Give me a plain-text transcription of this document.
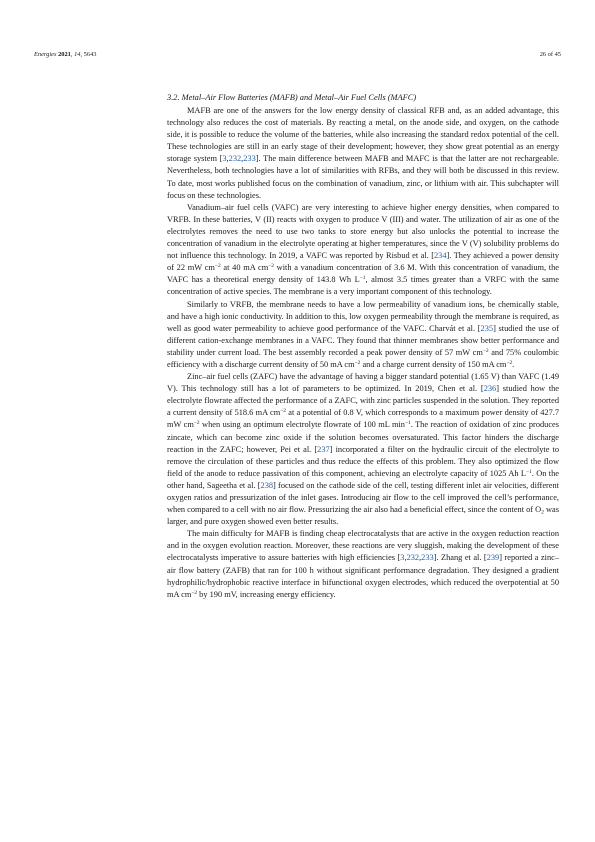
Energies 2021, 14, 5643	26 of 45
3.2. Metal–Air Flow Batteries (MAFB) and Metal–Air Fuel Cells (MAFC)

MAFB are one of the answers for the low energy density of classical RFB and, as an added advantage, this technology also reduces the cost of materials. By reacting a metal, on the anode side, and oxygen, on the cathode side, it is possible to reduce the volume of the batteries, while also increasing the standard redox potential of the cell. These technologies are still in an early stage of their development; however, they show great potential as an energy storage system [3,232,233]. The main difference between MAFB and MAFC is that the latter are not rechargeable. Nevertheless, both technologies have a lot of similarities with RFBs, and they will both be discussed in this review. To date, most works published focus on the combination of vanadium, zinc, or lithium with air. This subchapter will focus on these technologies.

Vanadium–air fuel cells (VAFC) are very interesting to achieve higher energy densities, when compared to VRFB. In these batteries, V (II) reacts with oxygen to produce V (III) and water. The utilization of air as one of the electrolytes removes the need to use two tanks to store energy but also unlocks the potential to increase the concentration of vanadium in the electrolyte operating at higher temperatures, since the V (V) solubility problems do not influence this technology. In 2019, a VAFC was reported by Risbud et al. [234]. They achieved a power density of 22 mW $cm^{-2}$ at 40 mA $cm^{-2}$ with a vanadium concentration of 3.6 M. With this concentration of vanadium, the VAFC has a theoretical energy density of 143.8 Wh $L^{-1}$, almost 3.5 times greater than a VRFC with the same concentration of active species. The membrane is a very important component of this technology.

Similarly to VRFB, the membrane needs to have a low permeability of vanadium ions, be chemically stable, and have a high ionic conductivity. In addition to this, low oxygen permeability through the membrane is required, as well as good water permeability to achieve good performance of the VAFC. Charvát et al. [235] studied the use of different cation-exchange membranes in a VAFC. They found that thinner membranes show better performance and stability under current load. The best assembly recorded a peak power density of 57 mW $cm^{-2}$ and 75% coulombic efficiency with a discharge current density of 50 mA $cm^{-2}$ and a charge current density of 150 mA $cm^{-2}$.

Zinc–air fuel cells (ZAFC) have the advantage of having a bigger standard potential (1.65 V) than VAFC (1.49 V). This technology still has a lot of parameters to be optimized. In 2019, Chen et al. [236] studied how the electrolyte flowrate affected the performance of a ZAFC, with zinc particles suspended in the solution. They reported a current density of 518.6 mA $cm^{-2}$ at a potential of 0.8 V, which corresponds to a maximum power density of 427.7 mW $cm^{-2}$ when using an optimum electrolyte flowrate of 100 mL $\min^{-1}$. The reaction of oxidation of zinc produces zincate, which can become zinc oxide if the solution becomes oversaturated. This factor hinders the discharge reaction in the ZAFC; however, Pei et al. [237] incorporated a filter on the hydraulic circuit of the electrolyte to remove the circulation of these particles and thus reduce the effects of this problem. They also optimized the flow field of the anode to reduce passivation of this component, achieving an electrolyte capacity of 1025 Ah $L^{-1}$. On the other hand, Sageetha et al. [238] focused on the cathode side of the cell, testing different inlet air velocities, different oxygen ratios and pressurization of the inlet gases. Introducing air flow to the cell improved the cell’s performance, when compared to a cell with no air flow. Pressurizing the air also had a beneficial effect, since the content of $O_2$ was larger, and pure oxygen showed even better results.

The main difficulty for MAFB is finding cheap electrocatalysts that are active in the oxygen reduction reaction and in the oxygen evolution reaction. Moreover, these reactions are very sluggish, making the development of these electrocatalysts imperative to assure batteries with high efficiencies [3,232,233]. Zhang et al. [239] reported a zinc–air flow battery (ZAFB) that ran for 100 h without significant performance degradation. They designed a gradient hydrophilic/hydrophobic reactive interface in bifunctional oxygen electrodes, which reduced the overpotential at 50 mA $cm^{-2}$ by 190 mV, increasing energy efficiency.
